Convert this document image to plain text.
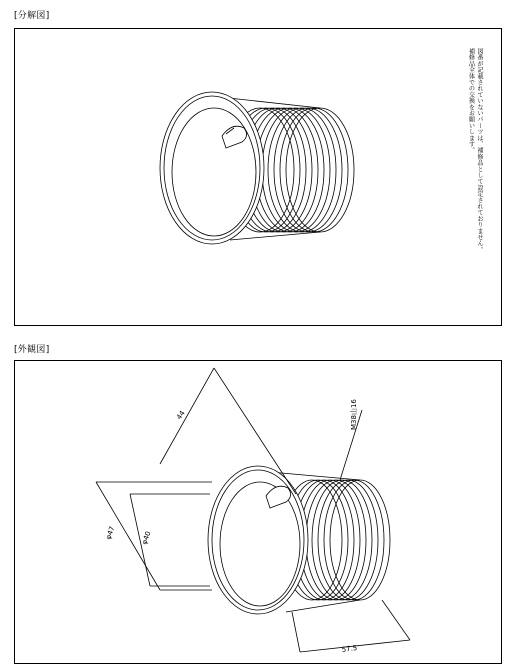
[分解図]
図番が記載されていないパーツは、補修品として設定されておりません。
補修品全体での交換をお願いします。
44
φ47	φ40
M38山16
57.5
[外観図]
